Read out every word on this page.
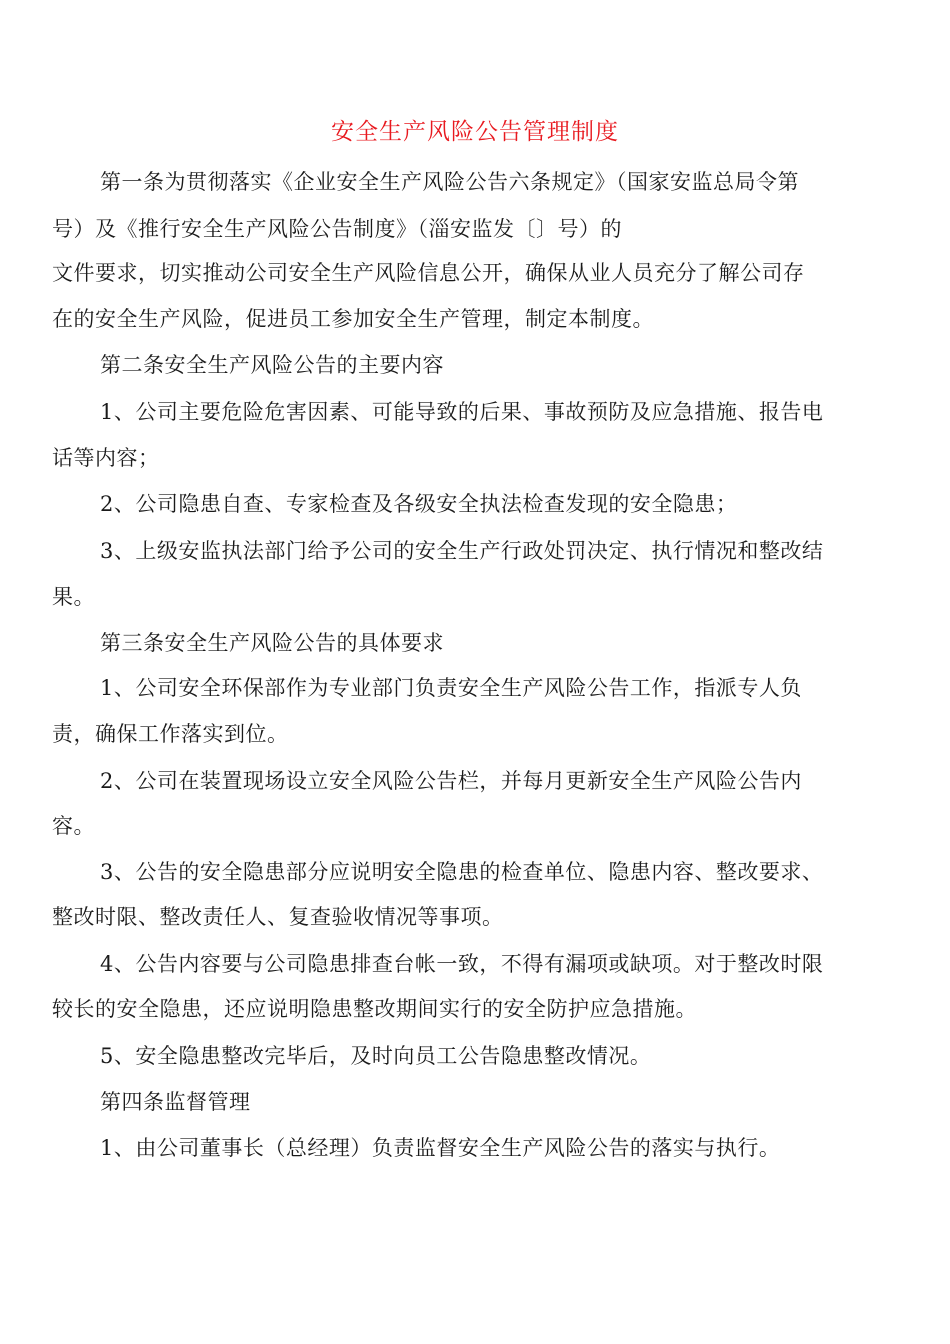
安全生产风险公告管理制度
第一条为贯彻落实《企业安全生产风险公告六条规定》（国家安监总局令第
号）及《推行安全生产风险公告制度》（淄安监发〔〕号）的
文件要求，切实推动公司安全生产风险信息公开，确保从业人员充分了解公司存
在的安全生产风险，促进员工参加安全生产管理，制定本制度。
第二条安全生产风险公告的主要内容
1、公司主要危险危害因素、可能导致的后果、事故预防及应急措施、报告电
话等内容；
2、公司隐患自查、专家检查及各级安全执法检查发现的安全隐患；
3、上级安监执法部门给予公司的安全生产行政处罚决定、执行情况和整改结
果。
第三条安全生产风险公告的具体要求
1、公司安全环保部作为专业部门负责安全生产风险公告工作，指派专人负
责，确保工作落实到位。
2、公司在装置现场设立安全风险公告栏，并每月更新安全生产风险公告内
容。
3、公告的安全隐患部分应说明安全隐患的检查单位、隐患内容、整改要求、
整改时限、整改责任人、复查验收情况等事项。
4、公告内容要与公司隐患排查台帐一致，不得有漏项或缺项。对于整改时限
较长的安全隐患，还应说明隐患整改期间实行的安全防护应急措施。
5、安全隐患整改完毕后，及时向员工公告隐患整改情况。
第四条监督管理
1、由公司董事长（总经理）负责监督安全生产风险公告的落实与执行。
